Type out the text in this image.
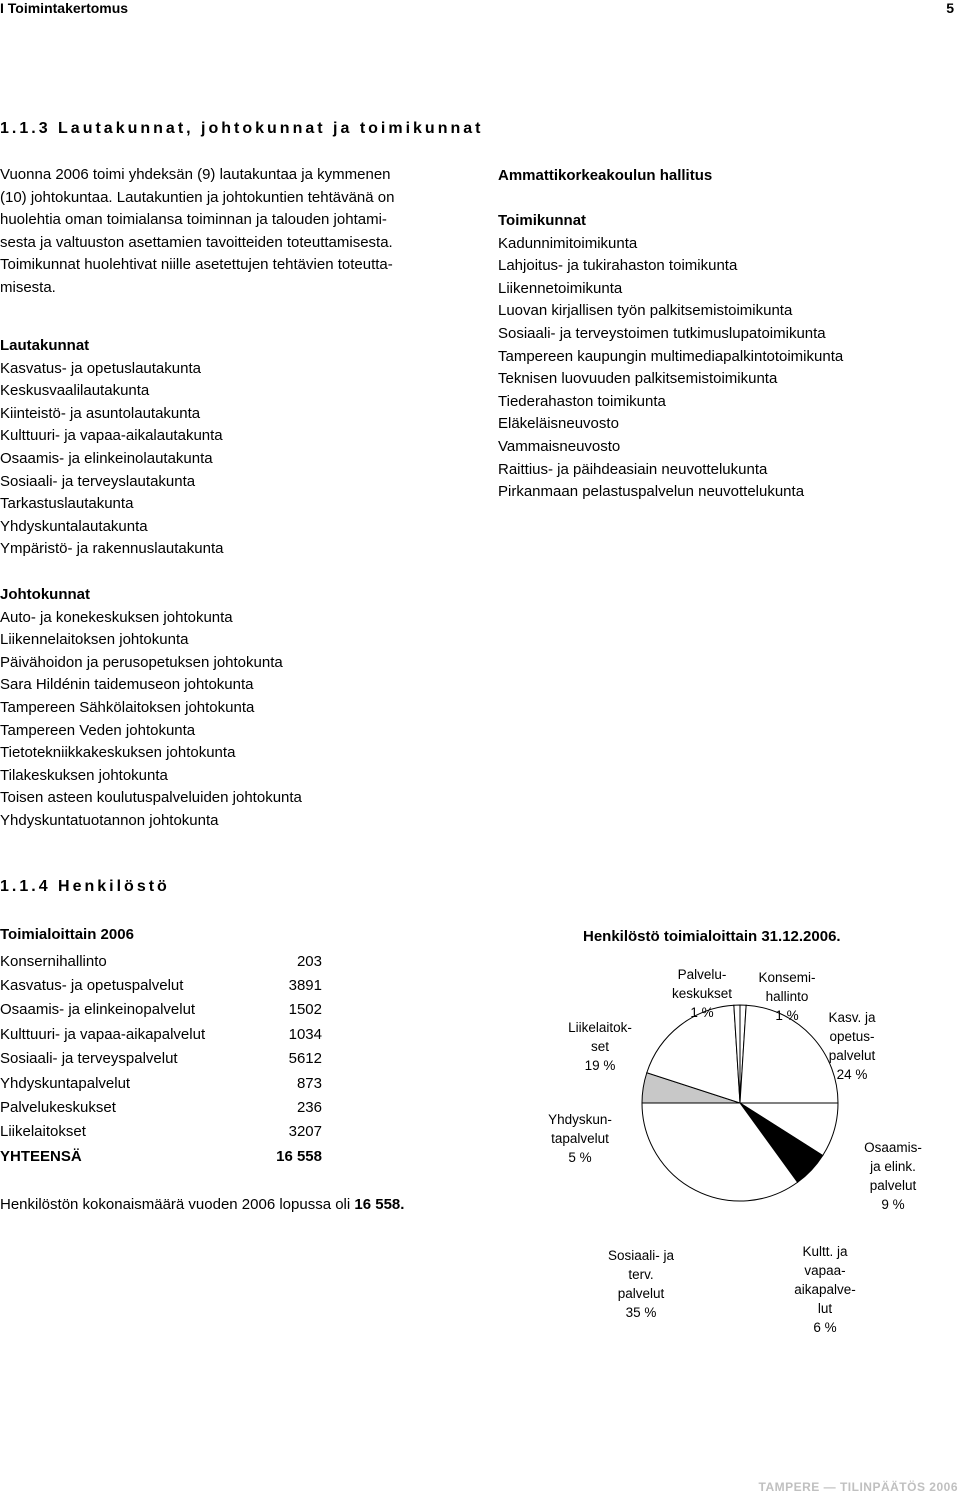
I Toimintakertomus	5
1.1.3 Lautakunnat, johtokunnat ja toimikunnat
Vuonna 2006 toimi yhdeksän (9) lautakuntaa ja kymmenen
(10) johtokuntaa. Lautakuntien ja johtokuntien tehtävänä on
huolehtia oman toimialansa toiminnan ja talouden johtami-
sesta ja valtuuston asettamien tavoitteiden toteuttamisesta.
Toimikunnat huolehtivat niille asetettujen tehtävien toteutta-
misesta.
Lautakunnat
Kasvatus- ja opetuslautakunta
Keskusvaalilautakunta
Kiinteistö- ja asuntolautakunta
Kulttuuri- ja vapaa-aikalautakunta
Osaamis- ja elinkeinolautakunta
Sosiaali- ja terveyslautakunta
Tarkastuslautakunta
Yhdyskuntalautakunta
Ympäristö- ja rakennuslautakunta
Johtokunnat
Auto- ja konekeskuksen johtokunta
Liikennelaitoksen johtokunta
Päivähoidon ja perusopetuksen johtokunta
Sara Hildénin taidemuseon johtokunta
Tampereen Sähkölaitoksen johtokunta
Tampereen Veden johtokunta
Tietotekniikkakeskuksen johtokunta
Tilakeskuksen johtokunta
Toisen asteen koulutuspalveluiden johtokunta
Yhdyskuntatuotannon johtokunta
Ammattikorkeakoulun hallitus
Toimikunnat
Kadunnimitoimikunta
Lahjoitus- ja tukirahaston toimikunta
Liikennetoimikunta
Luovan kirjallisen työn palkitsemistoimikunta
Sosiaali- ja terveystoimen tutkimuslupatoimikunta
Tampereen kaupungin multimediapalkintotoimikunta
Teknisen luovuuden palkitsemistoimikunta
Tiederahaston toimikunta
Eläkeläisneuvosto
Vammaisneuvosto
Raittius- ja päihdeasiain neuvottelukunta
Pirkanmaan pelastuspalvelun neuvottelukunta
1.1.4 Henkilöstö
Toimialoittain 2006
Konsernihallinto	203
Kasvatus- ja opetuspalvelut	3891
Osaamis- ja elinkeinopalvelut	1502
Kulttuuri- ja vapaa-aikapalvelut	1034
Sosiaali- ja terveyspalvelut	5612
Yhdyskuntapalvelut	873
Palvelukeskukset	236
Liikelaitokset	3207
YHTEENSÄ	16 558
Henkilöstön kokonaismäärä vuoden 2006 lopussa oli 16 558.
Henkilöstö toimialoittain 31.12.2006.
Konsemi-
hallinto
1 %	Kasv. ja
opetus-
palvelut
24 %
Osaamis-
ja elink.
palvelut
9 %
Kultt. ja
vapaa-
aikapalve-
lut
6 %
Sosiaali- ja
terv.
palvelut
35 %
Yhdyskun-
tapalvelut
5 %
Liikelaitok-
set
19 %
Palvelu-
keskukset
1 %
TAMPERE — TILINPÄÄTÖS 2006
